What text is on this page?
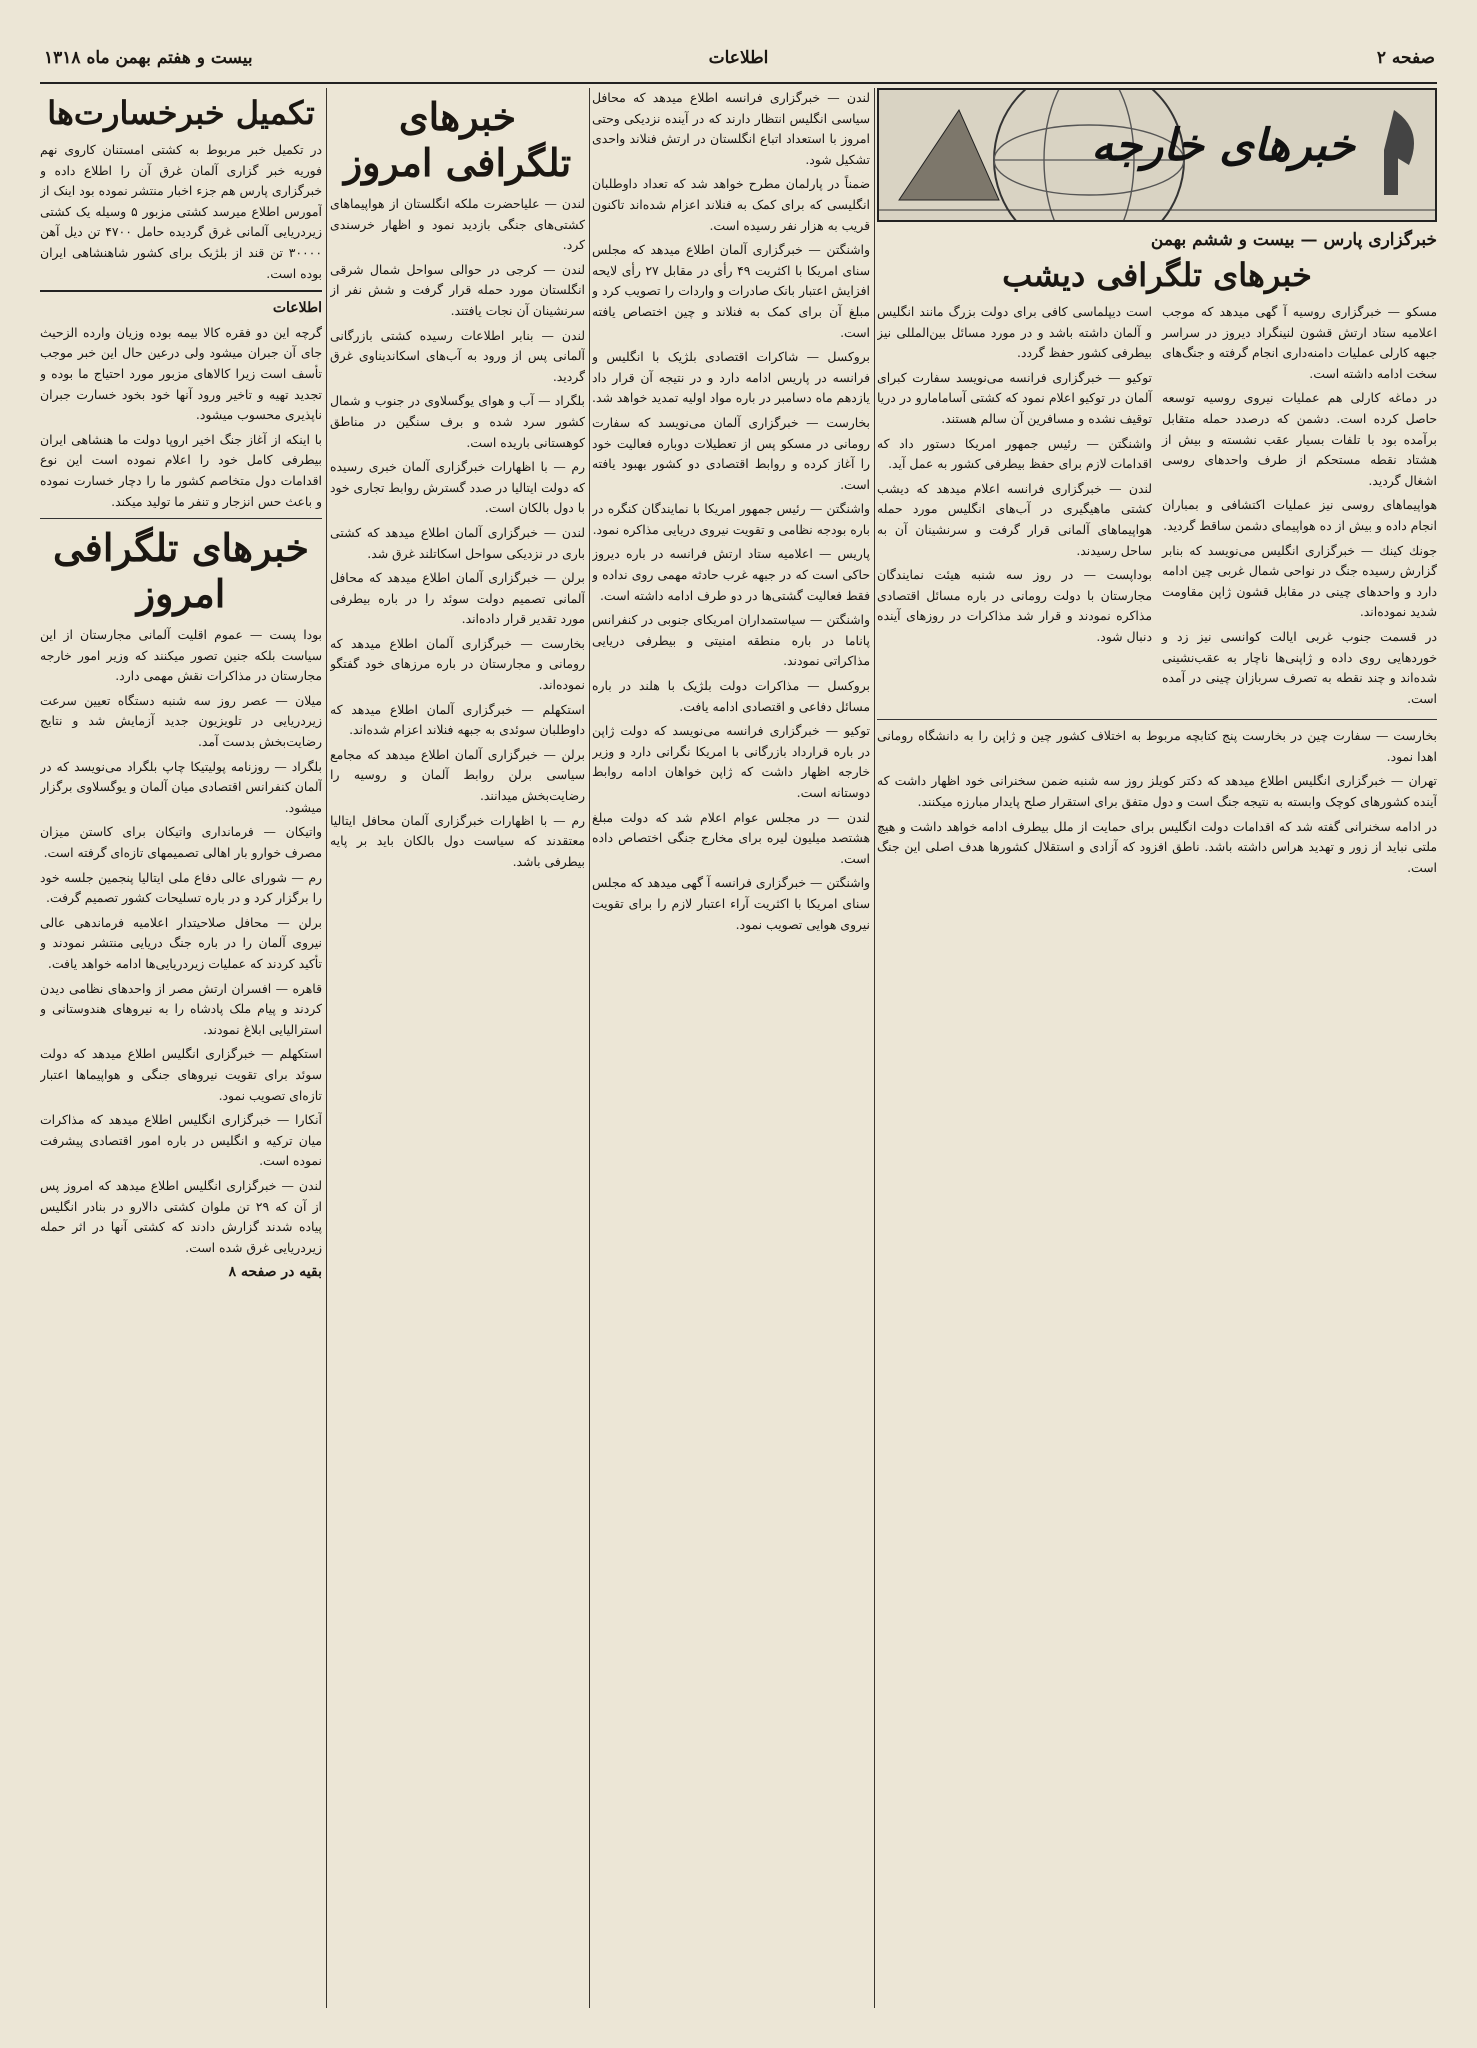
صفحه ۲
اطلاعات
بیست و هفتم بهمن ماه ۱۳۱۸
خبرهای خارجه
خبرگزاری پارس — بیست و ششم بهمن
خبرهای تلگرافی دیشب

مسکو — خبرگزاری روسیه آ گهی میدهد که موجب اعلامیه ستاد ارتش قشون لنینگراد دیروز در سراسر جبهه کارلی عملیات دامنه‌داری انجام گرفته و جنگ‌های سخت ادامه داشته است.

در دماغه کارلی هم عملیات نیروی روسیه توسعه حاصل کرده است. دشمن که درصدد حمله متقابل برآمده بود با تلفات بسیار عقب نشسته و بیش از هشتاد نقطه مستحکم از طرف واحدهای روسی اشغال گردید.

هواپیماهای روسی نیز عملیات اکتشافی و بمباران انجام داده و بیش از ده هواپیمای دشمن ساقط گردید.

جونك كينك — خبرگزاری انگلیس می‌نویسد که بنابر گزارش رسیده جنگ در نواحی شمال غربی چین ادامه دارد و واحدهای چینی در مقابل قشون ژاپن مقاومت شدید نموده‌اند.

در قسمت جنوب غربی ایالت کوانسی نیز زد و خوردهایی روی داده و ژاپنی‌ها ناچار به عقب‌نشینی شده‌اند و چند نقطه به تصرف سربازان چینی در آمده است.

است دیپلماسی کافی برای دولت بزرگ مانند انگلیس و آلمان داشته باشد و در مورد مسائل بین‌المللی نیز بیطرفی کشور حفظ گردد.

توکیو — خبرگزاری فرانسه می‌نویسد سفارت کبرای آلمان در توکیو اعلام نمود که کشتی آسامامارو در دریا توقیف نشده و مسافرین آن سالم هستند.

واشنگتن — رئیس جمهور امریکا دستور داد که اقدامات لازم برای حفظ بیطرفی کشور به عمل آید.

لندن — خبرگزاری فرانسه اعلام میدهد که دیشب کشتی ماهیگیری در آب‌های انگلیس مورد حمله هواپیماهای آلمانی قرار گرفت و سرنشینان آن به ساحل رسیدند.

بوداپست — در روز سه شنبه هیئت نمایندگان مجارستان با دولت رومانی در باره مسائل اقتصادی مذاکره نمودند و قرار شد مذاکرات در روزهای آینده دنبال شود.

بخارست — سفارت چین در بخارست پنج کتابچه مربوط به اختلاف کشور چین و ژاپن را به دانشگاه رومانی اهدا نمود.

تهران — خبرگزاری انگلیس اطلاع میدهد که دکتر کویلز روز سه شنبه ضمن سخنرانی خود اظهار داشت که آینده کشورهای کوچک وابسته به نتیجه جنگ است و دول متفق برای استقرار صلح پایدار مبارزه میکنند.

در ادامه سخنرانی گفته شد که اقدامات دولت انگلیس برای حمایت از ملل بیطرف ادامه خواهد داشت و هیچ ملتی نباید از زور و تهدید هراس داشته باشد. ناطق افزود که آزادی و استقلال کشورها هدف اصلی این جنگ است.

لندن — خبرگزاری فرانسه اطلاع میدهد که محافل سیاسی انگلیس انتظار دارند که در آینده نزدیکی وحتی امروز با استعداد اتباع انگلستان در ارتش فنلاند واحدی تشکیل شود.

ضمناً در پارلمان مطرح خواهد شد که تعداد داوطلبان انگلیسی که برای کمک به فنلاند اعزام شده‌اند تاکنون قریب به هزار نفر رسیده است.

واشنگتن — خبرگزاری آلمان اطلاع میدهد که مجلس سنای امریکا با اکثریت ۴۹ رأی در مقابل ۲۷ رأی لایحه افزایش اعتبار بانک صادرات و واردات را تصویب کرد و مبلغ آن برای کمک به فنلاند و چین اختصاص یافته است.

بروکسل — شاکرات اقتصادی بلژیک با انگلیس و فرانسه در پاریس ادامه دارد و در نتیجه آن قرار داد یازدهم ماه دسامبر در باره مواد اولیه تمدید خواهد شد.

بخارست — خبرگزاری آلمان می‌نویسد که سفارت رومانی در مسکو پس از تعطیلات دوباره فعالیت خود را آغاز کرده و روابط اقتصادی دو کشور بهبود یافته است.

واشنگتن — رئیس جمهور امریکا با نمایندگان کنگره در باره بودجه نظامی و تقویت نیروی دریایی مذاکره نمود.

پاریس — اعلامیه ستاد ارتش فرانسه در باره دیروز حاکی است که در جبهه غرب حادثه مهمی روی نداده و فقط فعالیت گشتی‌ها در دو طرف ادامه داشته است.

واشنگتن — سیاستمداران امریکای جنوبی در کنفرانس پاناما در باره منطقه امنیتی و بیطرفی دریایی مذاکراتی نمودند.

بروکسل — مذاکرات دولت بلژیک با هلند در باره مسائل دفاعی و اقتصادی ادامه یافت.

توکیو — خبرگزاری فرانسه می‌نویسد که دولت ژاپن در باره قرارداد بازرگانی با امریکا نگرانی دارد و وزیر خارجه اظهار داشت که ژاپن خواهان ادامه روابط دوستانه است.

لندن — در مجلس عوام اعلام شد که دولت مبلغ هشتصد میلیون لیره برای مخارج جنگی اختصاص داده است.

واشنگتن — خبرگزاری فرانسه آ گهی میدهد که مجلس سنای امریکا با اکثریت آراء اعتبار لازم را برای تقویت نیروی هوایی تصویب نمود.

خبرهای تلگرافی امروز

لندن — علیاحضرت ملکه انگلستان از هواپیماهای کشتی‌های جنگی بازدید نمود و اظهار خرسندی کرد.

لندن — کرجی در حوالی سواحل شمال شرقی انگلستان مورد حمله قرار گرفت و شش نفر از سرنشینان آن نجات یافتند.

لندن — بنابر اطلاعات رسیده کشتی بازرگانی آلمانی پس از ورود به آب‌های اسکاندیناوی غرق گردید.

بلگراد — آب و هوای یوگسلاوی در جنوب و شمال کشور سرد شده و برف سنگین در مناطق کوهستانی باریده است.

رم — با اظهارات خبرگزاری آلمان خبری رسیده که دولت ایتالیا در صدد گسترش روابط تجاری خود با دول بالکان است.

لندن — خبرگزاری آلمان اطلاع میدهد که کشتی باری در نزدیکی سواحل اسکاتلند غرق شد.

برلن — خبرگزاری آلمان اطلاع میدهد که محافل آلمانی تصمیم دولت سوئد را در باره بیطرفی مورد تقدیر قرار داده‌اند.

بخارست — خبرگزاری آلمان اطلاع میدهد که رومانی و مجارستان در باره مرزهای خود گفتگو نموده‌اند.

استکهلم — خبرگزاری آلمان اطلاع میدهد که داوطلبان سوئدی به جبهه فنلاند اعزام شده‌اند.

برلن — خبرگزاری آلمان اطلاع میدهد که مجامع سیاسی برلن روابط آلمان و روسیه را رضایت‌بخش میدانند.

رم — با اظهارات خبرگزاری آلمان محافل ایتالیا معتقدند که سیاست دول بالکان باید بر پایه بیطرفی باشد.

تکمیل خبرخسارت‌ها

در تکمیل خبر مربوط به کشتی امستنان کاروی نهم فوریه خبر گزاری آلمان غرق آن را اطلاع داده و خبرگزاری پارس هم جزء اخبار منتشر نموده بود اینک از آمورس اطلاع میرسد کشتی مزبور ۵ وسیله یک کشتی زیردریایی آلمانی غرق گردیده حامل ۴۷۰۰ تن دیل آهن ۳۰۰۰۰ تن قند از بلژیک برای کشور شاهنشاهی ایران بوده است.

اطلاعات

گرچه این دو فقره کالا بیمه بوده وزیان وارده الزحیث جای آن جبران میشود ولی درعین حال این خبر موجب تأسف است زیرا کالاهای مزبور مورد احتیاج ما بوده و تجدید تهیه و تاخیر ورود آنها خود بخود خسارت جبران ناپذیری محسوب میشود.

با اینکه از آغاز جنگ اخیر اروپا دولت ما هنشاهی ایران بیطرفی کامل خود را اعلام نموده است این نوع اقدامات دول متخاصم کشور ما را دچار خسارت نموده و باعث حس انزجار و تنفر ما تولید میکند.

خبرهای تلگرافی امروز

بودا پست — عموم اقلیت آلمانی مجارستان از این سیاست بلکه جنین تصور میکنند که وزیر امور خارجه مجارستان در مذاکرات نقش مهمی دارد.

میلان — عصر روز سه شنبه دستگاه تعیین سرعت زیردریایی در تلویزیون جدید آزمایش شد و نتایج رضایت‌بخش بدست آمد.

بلگراد — روزنامه پولیتیکا چاپ بلگراد می‌نویسد که در آلمان کنفرانس اقتصادی میان آلمان و یوگسلاوی برگزار میشود.

واتیکان — فرمانداری واتیکان برای کاستن میزان مصرف خوارو بار اهالی تصمیمهای تازه‌ای گرفته است.

رم — شورای عالی دفاع ملی ایتالیا پنجمین جلسه خود را برگزار کرد و در باره تسلیحات کشور تصمیم گرفت.

برلن — محافل صلاحیتدار اعلامیه فرماندهی عالی نیروی آلمان را در باره جنگ دریایی منتشر نمودند و تأکید کردند که عملیات زیردریایی‌ها ادامه خواهد یافت.

قاهره — افسران ارتش مصر از واحدهای نظامی دیدن کردند و پیام ملک پادشاه را به نیروهای هندوستانی و استرالیایی ابلاغ نمودند.

استکهلم — خبرگزاری انگلیس اطلاع میدهد که دولت سوئد برای تقویت نیروهای جنگی و هواپیماها اعتبار تازه‌ای تصویب نمود.

آنکارا — خبرگزاری انگلیس اطلاع میدهد که مذاکرات میان ترکیه و انگلیس در باره امور اقتصادی پیشرفت نموده است.

لندن — خبرگزاری انگلیس اطلاع میدهد که امروز پس از آن که ۲۹ تن ملوان کشتی دالارو در بنادر انگلیس پیاده شدند گزارش دادند که کشتی آنها در اثر حمله زیردریایی غرق شده است.

بقیه در صفحه ۸
